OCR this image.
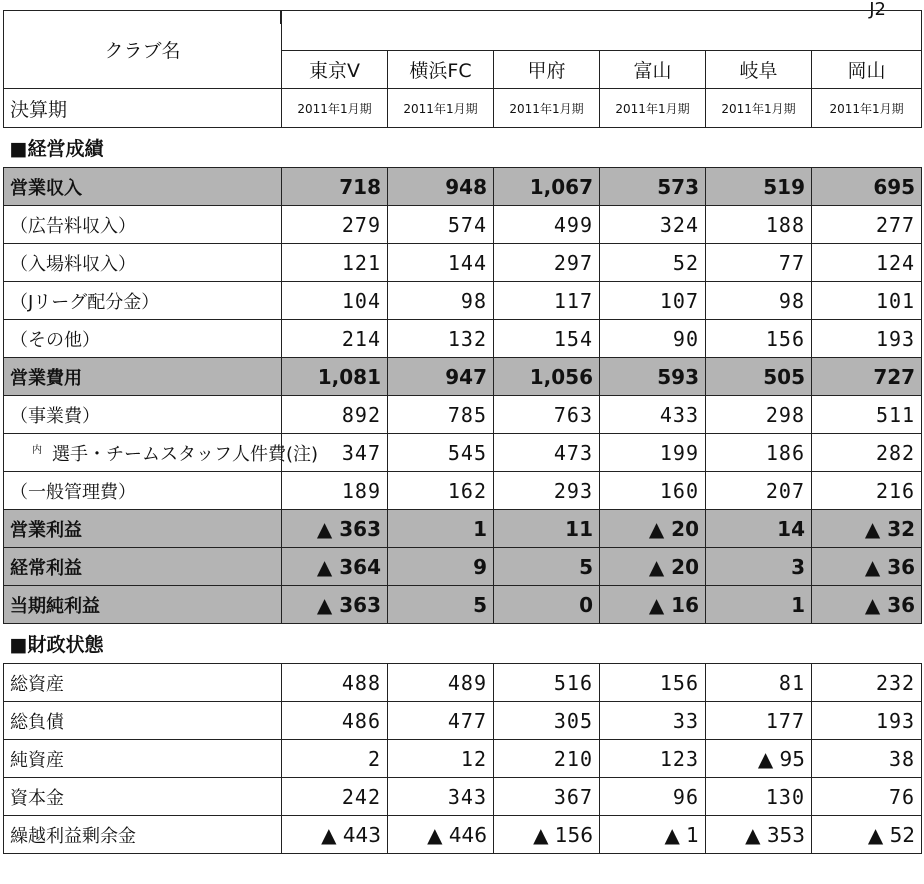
J2
クラブ名						
	東京V	横浜FC	甲府	富山	岐阜	岡山
決算期	2011年1月期	2011年1月期	2011年1月期	2011年1月期	2011年1月期	2011年1月期
■経営成績						
営業収入	718	948	1,067	573	519	695
（広告料収入）	279	574	499	324	188	277
（入場料収入）	121	144	297	52	77	124
（Jリーグ配分金）	104	98	117	107	98	101
（その他）	214	132	154	90	156	193
営業費用	1,081	947	1,056	593	505	727
（事業費）	892	785	763	433	298	511
$^内$ 選手・チームスタッフ人件費(注)	347	545	473	199	186	282
（一般管理費）	189	162	293	160	207	216
営業利益	▲ 363	1	11	▲ 20	14	▲ 32
経常利益	▲ 364	9	5	▲ 20	3	▲ 36
当期純利益	▲ 363	5	0	▲ 16	1	▲ 36
■財政状態						
総資産	488	489	516	156	81	232
総負債	486	477	305	33	177	193
純資産	2	12	210	123	▲ 95	38
資本金	242	343	367	96	130	76
繰越利益剰余金	▲ 443	▲ 446	▲ 156	▲ 1	▲ 353	▲ 52
